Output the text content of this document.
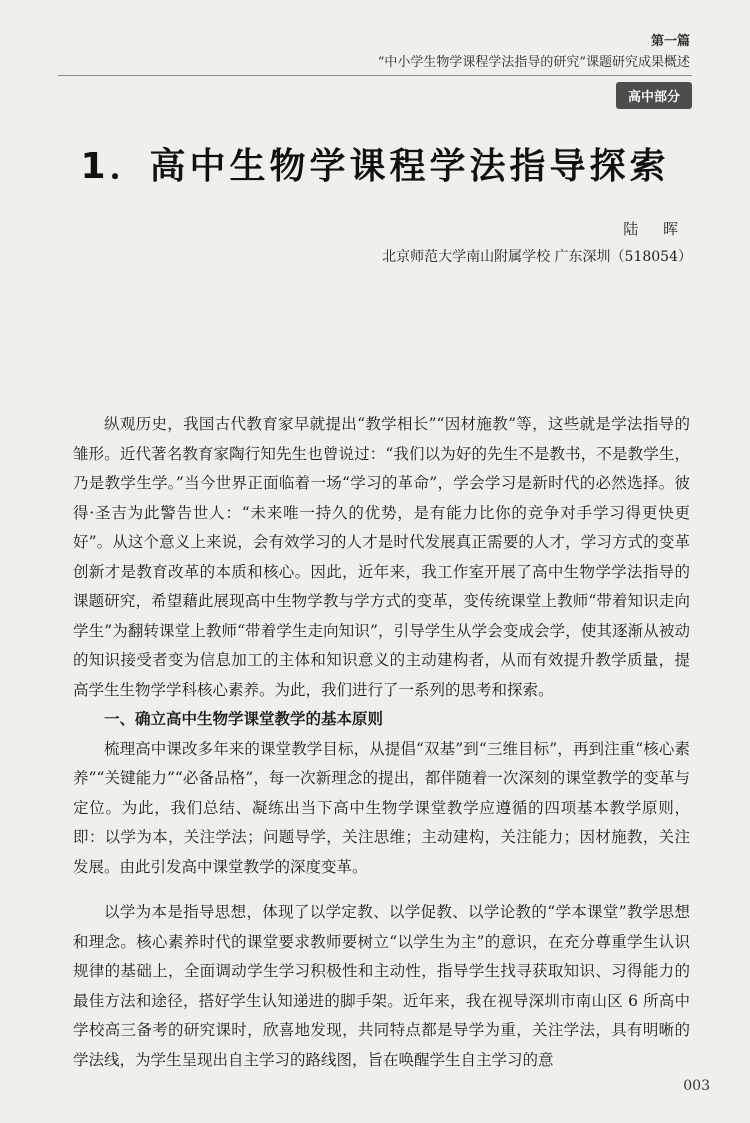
第一篇
“中小学生物学课程学法指导的研究”课题研究成果概述
高中部分
1．高中生物学课程学法指导探索
陆 晖
北京师范大学南山附属学校 广东深圳（518054）

纵观历史，我国古代教育家早就提出“教学相长”“因材施教”等，这些就是学法指导的雏形。近代著名教育家陶行知先生也曾说过：“我们以为好的先生不是教书，不是教学生，乃是教学生学。”当今世界正面临着一场“学习的革命”，学会学习是新时代的必然选择。彼得·圣吉为此警告世人：“未来唯一持久的优势，是有能力比你的竞争对手学习得更快更好”。从这个意义上来说，会有效学习的人才是时代发展真正需要的人才，学习方式的变革创新才是教育改革的本质和核心。因此，近年来，我工作室开展了高中生物学学法指导的课题研究，希望藉此展现高中生物学教与学方式的变革，变传统课堂上教师“带着知识走向学生”为翻转课堂上教师“带着学生走向知识”，引导学生从学会变成会学，使其逐渐从被动的知识接受者变为信息加工的主体和知识意义的主动建构者，从而有效提升教学质量，提高学生生物学学科核心素养。为此，我们进行了一系列的思考和探索。

一、确立高中生物学课堂教学的基本原则

梳理高中课改多年来的课堂教学目标，从提倡“双基”到“三维目标”，再到注重“核心素养”“关键能力”“必备品格”，每一次新理念的提出，都伴随着一次深刻的课堂教学的变革与定位。为此，我们总结、凝练出当下高中生物学课堂教学应遵循的四项基本教学原则，即：以学为本，关注学法；问题导学，关注思维；主动建构，关注能力；因材施教，关注发展。由此引发高中课堂教学的深度变革。

以学为本是指导思想，体现了以学定教、以学促教、以学论教的“学本课堂”教学思想和理念。核心素养时代的课堂要求教师要树立“以学生为主”的意识，在充分尊重学生认识规律的基础上，全面调动学生学习积极性和主动性，指导学生找寻获取知识、习得能力的最佳方法和途径，搭好学生认知递进的脚手架。近年来，我在视导深圳市南山区 6 所高中学校高三备考的研究课时，欣喜地发现，共同特点都是导学为重，关注学法，具有明晰的学法线，为学生呈现出自主学习的路线图，旨在唤醒学生自主学习的意

003
